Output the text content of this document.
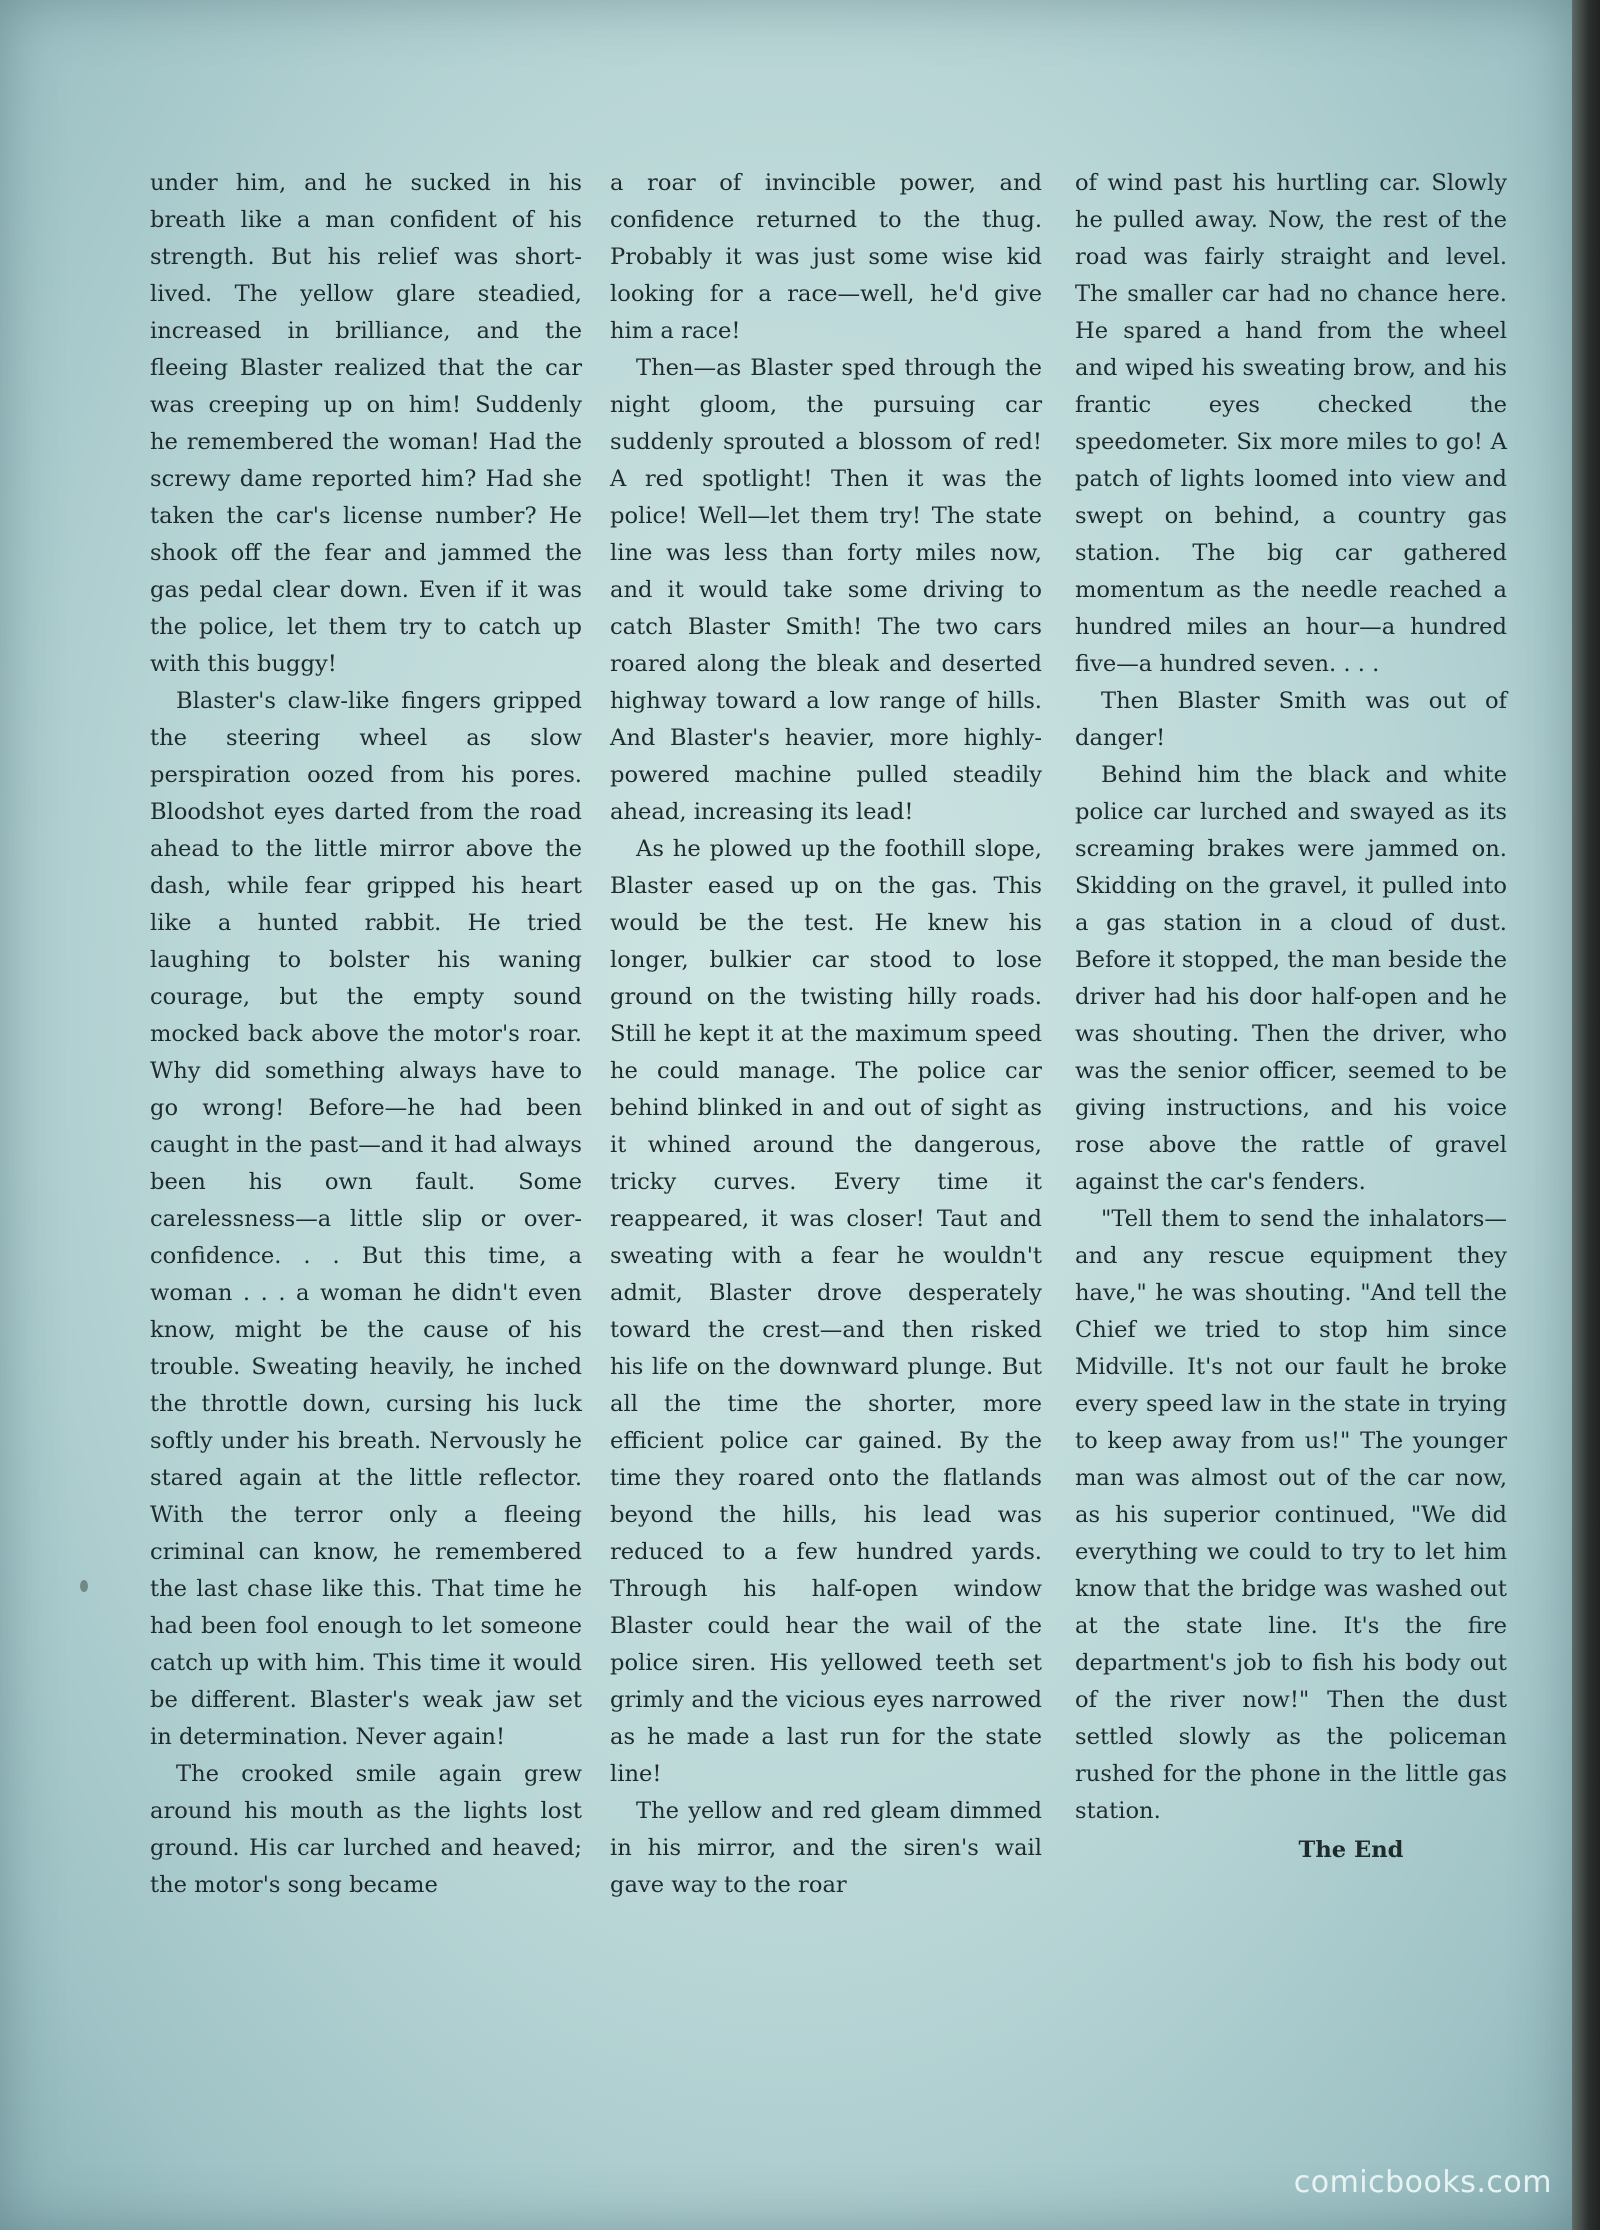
under him, and he sucked in his breath like a man confident of his strength. But his relief was short-lived. The yellow glare steadied, increased in brilliance, and the fleeing Blaster realized that the car was creeping up on him! Suddenly he remembered the woman! Had the screwy dame reported him? Had she taken the car's license number? He shook off the fear and jammed the gas pedal clear down. Even if it was the police, let them try to catch up with this buggy!

Blaster's claw-like fingers gripped the steering wheel as slow perspiration oozed from his pores. Bloodshot eyes darted from the road ahead to the little mirror above the dash, while fear gripped his heart like a hunted rabbit. He tried laughing to bolster his waning courage, but the empty sound mocked back above the motor's roar. Why did something always have to go wrong! Before—he had been caught in the past—and it had always been his own fault. Some carelessness—a little slip or over-confidence. . . But this time, a woman . . . a woman he didn't even know, might be the cause of his trouble. Sweating heavily, he inched the throttle down, cursing his luck softly under his breath. Nervously he stared again at the little reflector. With the terror only a fleeing criminal can know, he remembered the last chase like this. That time he had been fool enough to let someone catch up with him. This time it would be different. Blaster's weak jaw set in determination. Never again!

The crooked smile again grew around his mouth as the lights lost ground. His car lurched and heaved; the motor's song became

a roar of invincible power, and confidence returned to the thug. Probably it was just some wise kid looking for a race—well, he'd give him a race!

Then—as Blaster sped through the night gloom, the pursuing car suddenly sprouted a blossom of red! A red spotlight! Then it was the police! Well—let them try! The state line was less than forty miles now, and it would take some driving to catch Blaster Smith! The two cars roared along the bleak and deserted highway toward a low range of hills. And Blaster's heavier, more highly-powered machine pulled steadily ahead, increasing its lead!

As he plowed up the foothill slope, Blaster eased up on the gas. This would be the test. He knew his longer, bulkier car stood to lose ground on the twisting hilly roads. Still he kept it at the maximum speed he could manage. The police car behind blinked in and out of sight as it whined around the dangerous, tricky curves. Every time it reappeared, it was closer! Taut and sweating with a fear he wouldn't admit, Blaster drove desperately toward the crest—and then risked his life on the downward plunge. But all the time the shorter, more efficient police car gained. By the time they roared onto the flatlands beyond the hills, his lead was reduced to a few hundred yards. Through his half-open window Blaster could hear the wail of the police siren. His yellowed teeth set grimly and the vicious eyes narrowed as he made a last run for the state line!

The yellow and red gleam dimmed in his mirror, and the siren's wail gave way to the roar

of wind past his hurtling car. Slowly he pulled away. Now, the rest of the road was fairly straight and level. The smaller car had no chance here. He spared a hand from the wheel and wiped his sweating brow, and his frantic eyes checked the speedometer. Six more miles to go! A patch of lights loomed into view and swept on behind, a country gas station. The big car gathered momentum as the needle reached a hundred miles an hour—a hundred five—a hundred seven. . . .

Then Blaster Smith was out of danger!

Behind him the black and white police car lurched and swayed as its screaming brakes were jammed on. Skidding on the gravel, it pulled into a gas station in a cloud of dust. Before it stopped, the man beside the driver had his door half-open and he was shouting. Then the driver, who was the senior officer, seemed to be giving instructions, and his voice rose above the rattle of gravel against the car's fenders.

"Tell them to send the inhalators—and any rescue equipment they have," he was shouting. "And tell the Chief we tried to stop him since Midville. It's not our fault he broke every speed law in the state in trying to keep away from us!" The younger man was almost out of the car now, as his superior continued, "We did everything we could to try to let him know that the bridge was washed out at the state line. It's the fire department's job to fish his body out of the river now!" Then the dust settled slowly as the policeman rushed for the phone in the little gas station.

The End

comicbooks.com
